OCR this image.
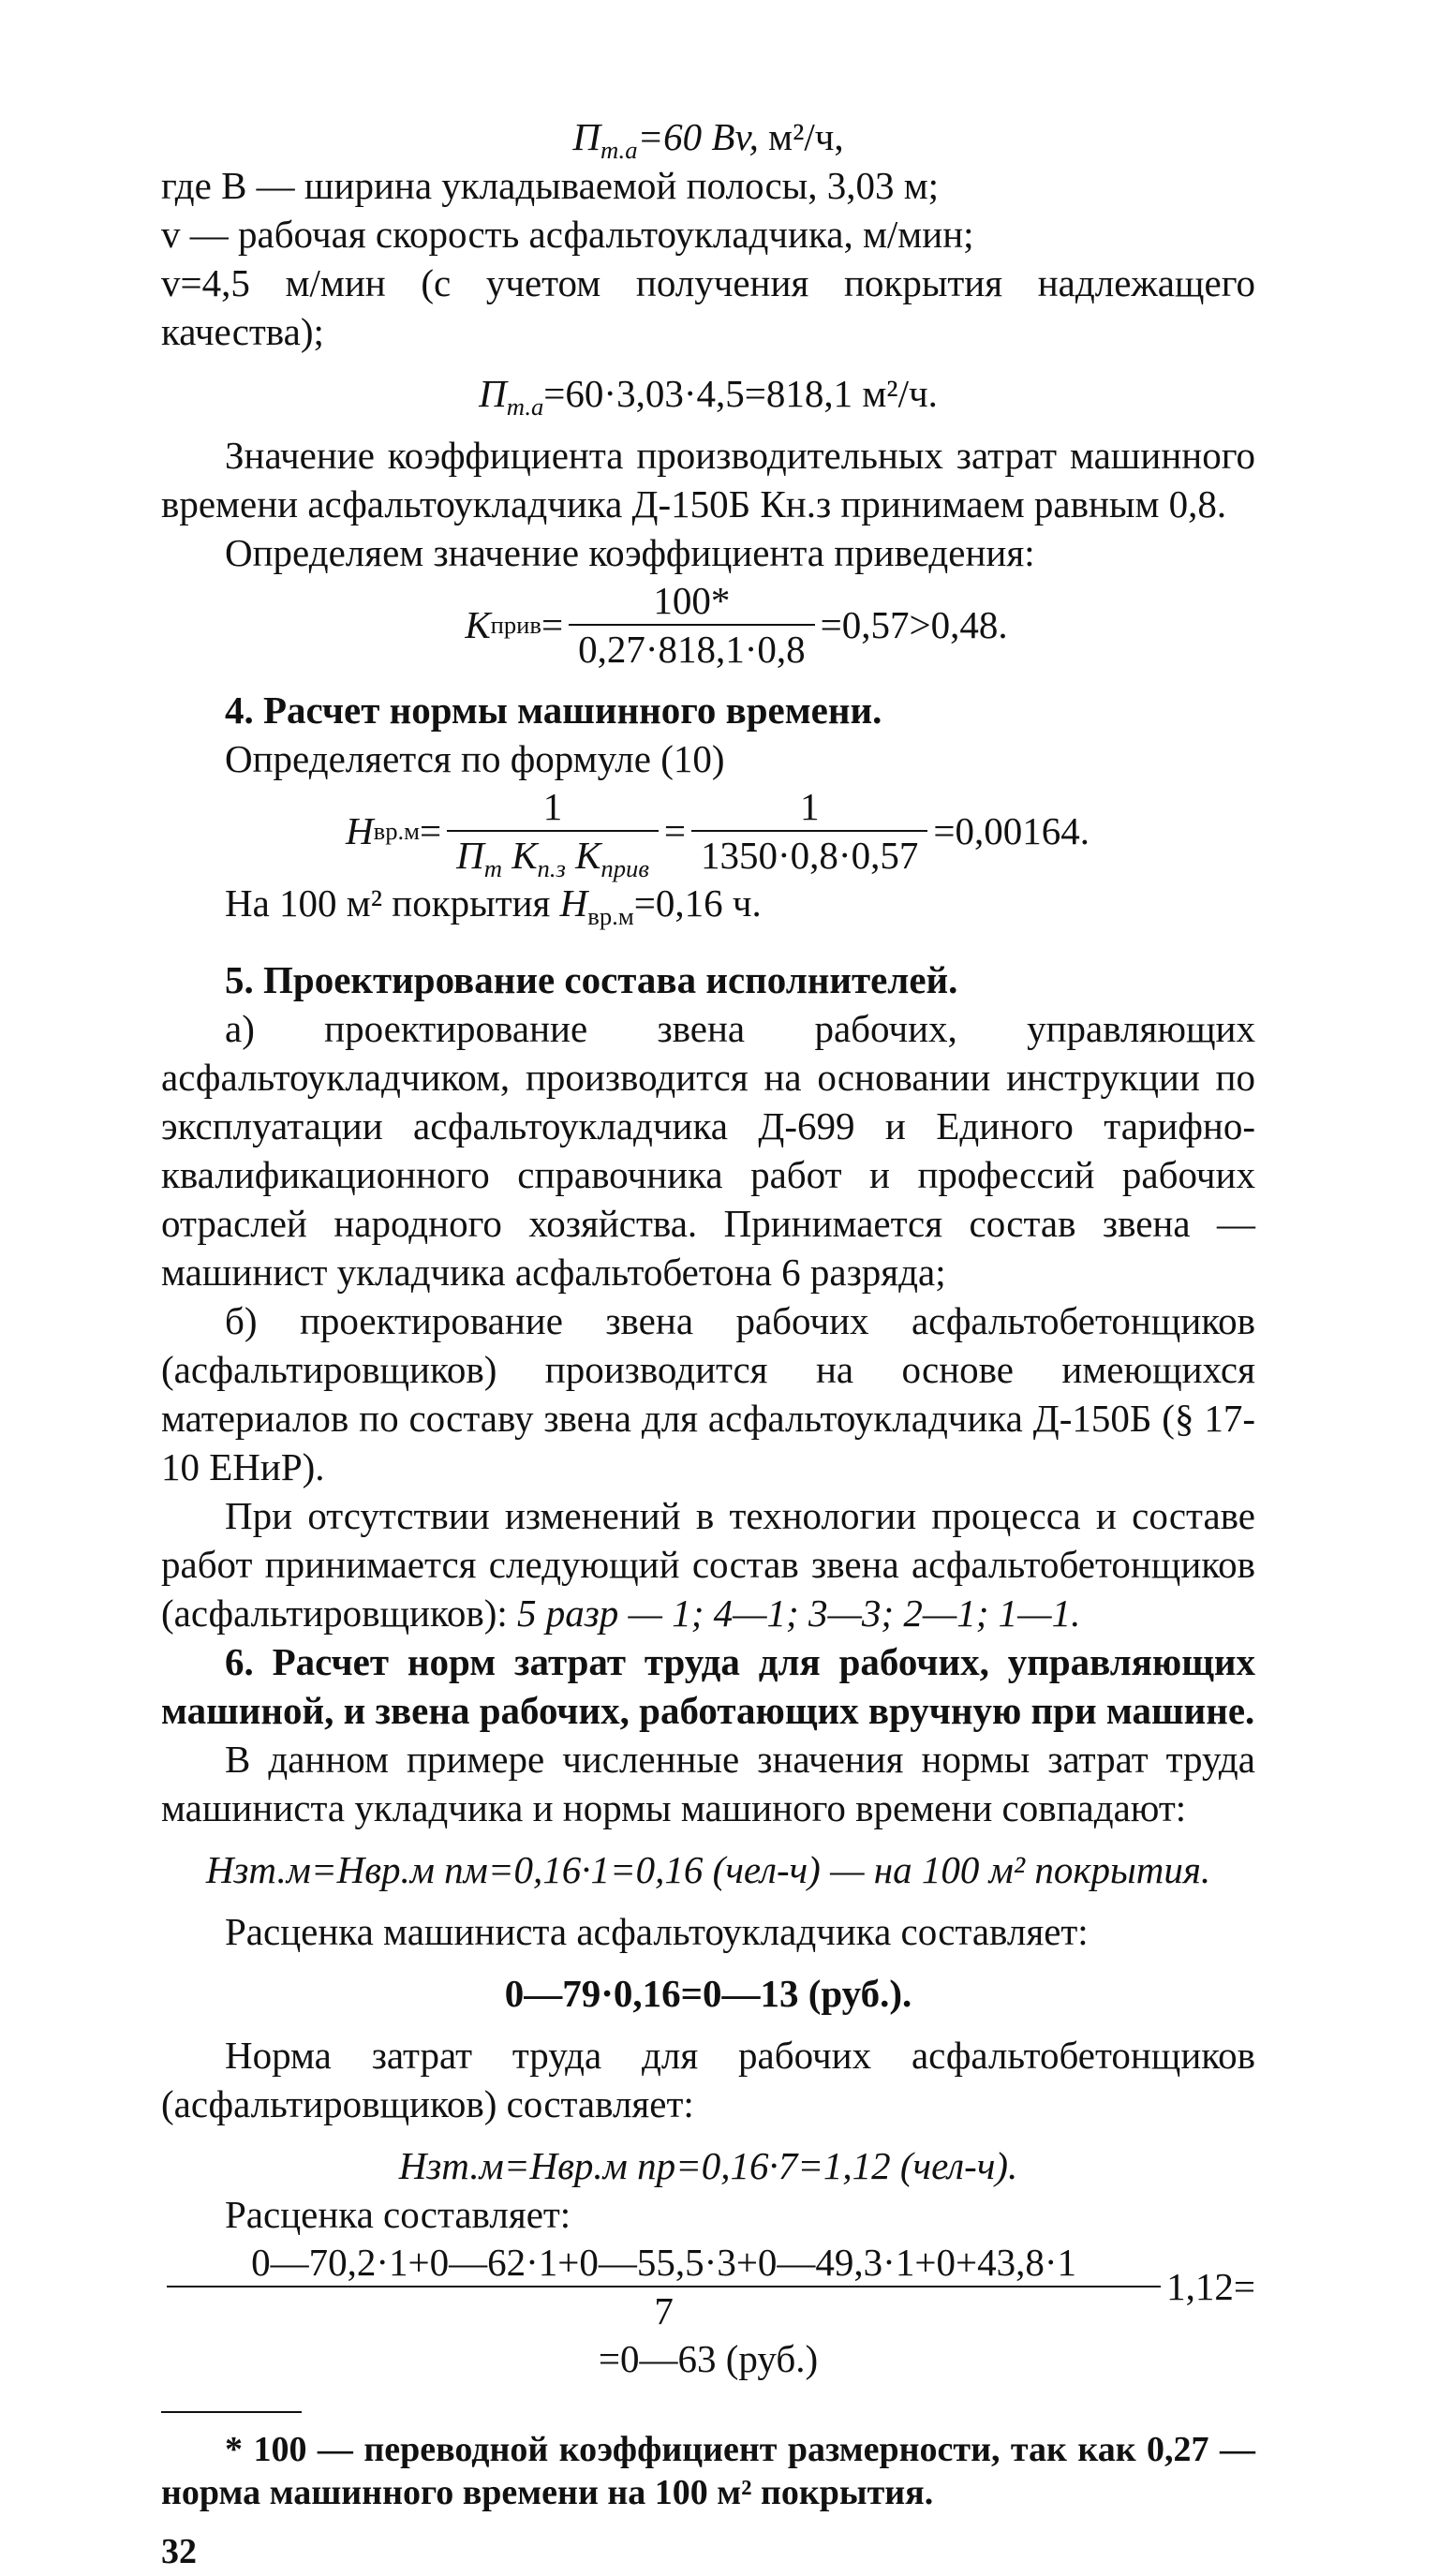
$П_{т.а}=60$ Bv, м²/ч,
где B — ширина укладываемой полосы, 3,03 м;
v — рабочая скорость асфальтоукладчика, м/мин;
v=4,5 м/мин (с учетом получения покрытия надлежащего качества);
$П_{т.а}=60\cdot 3,03\cdot 4,5=818,1$ м²/ч.
Значение коэффициента производительных затрат машинного времени асфальтоукладчика Д-150Б Кн.з принимаем равным 0,8.
Определяем значение коэффициента приведения:
К прив = $\frac{100*}{0,27\cdot 818,1\cdot 0,8} =0,57>0,48$.
4. Расчет нормы машинного времени.
Определяется по формуле (10)
Н $вр.м = \frac{1}{П_т К_{п.з} К_{прив}} = \frac{1}{1350\cdot 0,8\cdot 0,57} =0,00164$.
На 100 м² покрытия $Н_{вр.м}=0,16$ ч.
5. Проектирование состава исполнителей.
а) проектирование звена рабочих, управляющих асфальтоукладчиком, производится на основании инструкции по эксплуатации асфальтоукладчика Д-699 и Единого тарифно-квалификационного справочника работ и профессий рабочих отраслей народного хозяйства. Принимается состав звена — машинист укладчика асфальтобетона 6 разряда;
б) проектирование звена рабочих асфальтобетонщиков (асфальтировщиков) производится на основе имеющихся материалов по составу звена для асфальтоукладчика Д-150Б (§ 17-10 ЕНиР).
При отсутствии изменений в технологии процесса и составе работ принимается следующий состав звена асфальтобетонщиков (асфальтировщиков): 5 разр — 1; 4—1; 3—3; 2—1; 1—1.
6. Расчет норм затрат труда для рабочих, управляющих машиной, и звена рабочих, работающих вручную при машине.
В данном примере численные значения нормы затрат труда машиниста укладчика и нормы машиного времени совпадают:
Нзт.м=Нвр.м nм=0,16·1=0,16 (чел-ч) — на 100 м² покрытия.
Расценка машиниста асфальтоукладчика составляет:
0—79·0,16=0—13 (руб.).
Норма затрат труда для рабочих асфальтобетонщиков (асфальтировщиков) составляет:
Нзт.м=Нвр.м nр=0,16·7=1,12 (чел-ч).
Расценка составляет:
$\frac{0—70,2\cdot 1+0—62\cdot 1+0—55,5\cdot 3+0—49,3\cdot 1+0+43,8\cdot 1}{7} 1,12=$
=0—63 (руб.)
* 100 — переводной коэффициент размерности, так как 0,27 — норма машинного времени на 100 м² покрытия.
32
